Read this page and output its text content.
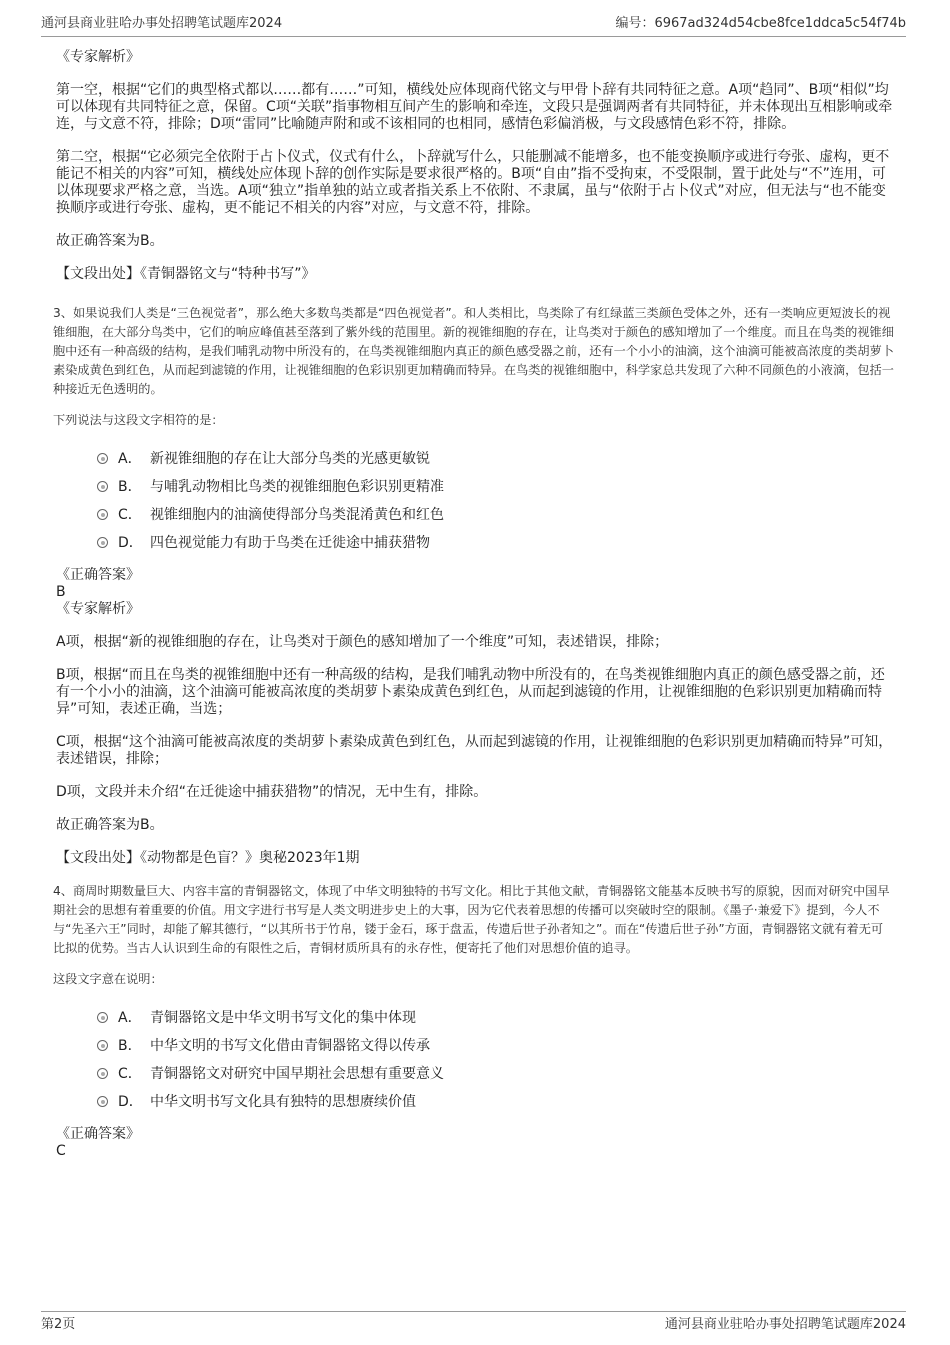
通河县商业驻哈办事处招聘笔试题库2024	编号：6967ad324d54cbe8fce1ddca5c54f74b

《专家解析》

第一空，根据“它们的典型格式都以……都有……”可知，横线处应体现商代铭文与甲骨卜辞有共同特征之意。A项“趋同”、B项“相似”均可以体现有共同特征之意，保留。C项“关联”指事物相互间产生的影响和牵连，文段只是强调两者有共同特征，并未体现出互相影响或牵连，与文意不符，排除；D项“雷同”比喻随声附和或不该相同的也相同，感情色彩偏消极，与文段感情色彩不符，排除。

第二空，根据“它必须完全依附于占卜仪式，仪式有什么，卜辞就写什么，只能删减不能增多，也不能变换顺序或进行夸张、虚构，更不能记不相关的内容”可知，横线处应体现卜辞的创作实际是要求很严格的。B项“自由”指不受拘束，不受限制，置于此处与“不”连用，可以体现要求严格之意，当选。A项“独立”指单独的站立或者指关系上不依附、不隶属，虽与“依附于占卜仪式”对应，但无法与“也不能变换顺序或进行夸张、虚构，更不能记不相关的内容”对应，与文意不符，排除。

故正确答案为B。

【文段出处】《青铜器铭文与“特种书写”》

3、如果说我们人类是“三色视觉者”，那么绝大多数鸟类都是“四色视觉者”。和人类相比，鸟类除了有红绿蓝三类颜色受体之外，还有一类响应更短波长的视锥细胞，在大部分鸟类中，它们的响应峰值甚至落到了紫外线的范围里。新的视锥细胞的存在，让鸟类对于颜色的感知增加了一个维度。而且在鸟类的视锥细胞中还有一种高级的结构，是我们哺乳动物中所没有的，在鸟类视锥细胞内真正的颜色感受器之前，还有一个小小的油滴，这个油滴可能被高浓度的类胡萝卜素染成黄色到红色，从而起到滤镜的作用，让视锥细胞的色彩识别更加精确而特异。在鸟类的视锥细胞中，科学家总共发现了六种不同颜色的小液滴，包括一种接近无色透明的。

下列说法与这段文字相符的是：

A． 新视锥细胞的存在让大部分鸟类的光感更敏锐
B． 与哺乳动物相比鸟类的视锥细胞色彩识别更精准
C． 视锥细胞内的油滴使得部分鸟类混淆黄色和红色
D． 四色视觉能力有助于鸟类在迁徙途中捕获猎物

《正确答案》

B

《专家解析》

A项，根据“新的视锥细胞的存在，让鸟类对于颜色的感知增加了一个维度”可知，表述错误，排除；

B项，根据“而且在鸟类的视锥细胞中还有一种高级的结构，是我们哺乳动物中所没有的，在鸟类视锥细胞内真正的颜色感受器之前，还有一个小小的油滴，这个油滴可能被高浓度的类胡萝卜素染成黄色到红色，从而起到滤镜的作用，让视锥细胞的色彩识别更加精确而特异”可知，表述正确，当选；

C项，根据“这个油滴可能被高浓度的类胡萝卜素染成黄色到红色，从而起到滤镜的作用，让视锥细胞的色彩识别更加精确而特异”可知，表述错误，排除；

D项，文段并未介绍“在迁徙途中捕获猎物”的情况，无中生有，排除。

故正确答案为B。

【文段出处】《动物都是色盲？》奥秘2023年1期

4、商周时期数量巨大、内容丰富的青铜器铭文，体现了中华文明独特的书写文化。相比于其他文献，青铜器铭文能基本反映书写的原貌，因而对研究中国早期社会的思想有着重要的价值。用文字进行书写是人类文明进步史上的大事，因为它代表着思想的传播可以突破时空的限制。《墨子·兼爱下》提到，今人不与“先圣六王”同时，却能了解其德行，“以其所书于竹帛，镂于金石，琢于盘盂，传遗后世子孙者知之”。而在“传遗后世子孙”方面，青铜器铭文就有着无可比拟的优势。当古人认识到生命的有限性之后，青铜材质所具有的永存性，便寄托了他们对思想价值的追寻。

这段文字意在说明：

A． 青铜器铭文是中华文明书写文化的集中体现
B． 中华文明的书写文化借由青铜器铭文得以传承
C． 青铜器铭文对研究中国早期社会思想有重要意义
D． 中华文明书写文化具有独特的思想赓续价值

《正确答案》

C

第2页	通河县商业驻哈办事处招聘笔试题库2024
